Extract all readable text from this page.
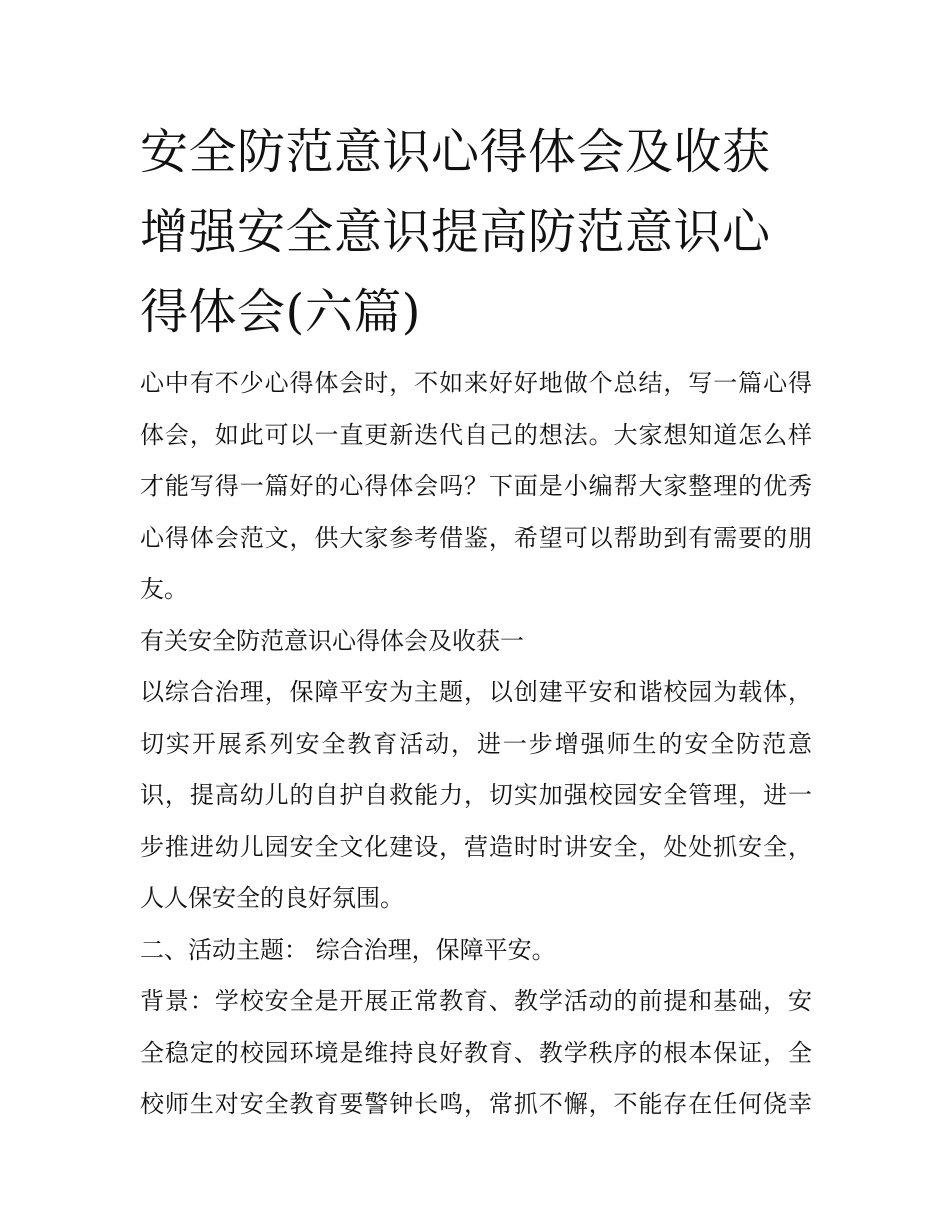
安全防范意识心得体会及收获
增强安全意识提高防范意识心
得体会(六篇)
心中有不少心得体会时，不如来好好地做个总结，写一篇心得
体会，如此可以一直更新迭代自己的想法。大家想知道怎么样
才能写得一篇好的心得体会吗？下面是小编帮大家整理的优秀
心得体会范文，供大家参考借鉴，希望可以帮助到有需要的朋
友。
有关安全防范意识心得体会及收获一
以综合治理，保障平安为主题，以创建平安和谐校园为载体，
切实开展系列安全教育活动，进一步增强师生的安全防范意
识，提高幼儿的自护自救能力，切实加强校园安全管理，进一
步推进幼儿园安全文化建设，营造时时讲安全，处处抓安全，
人人保安全的良好氛围。
二、活动主题： 综合治理，保障平安。
背景：学校安全是开展正常教育、教学活动的前提和基础，安
全稳定的校园环境是维持良好教育、教学秩序的根本保证，全
校师生对安全教育要警钟长鸣，常抓不懈，不能存在任何侥幸
